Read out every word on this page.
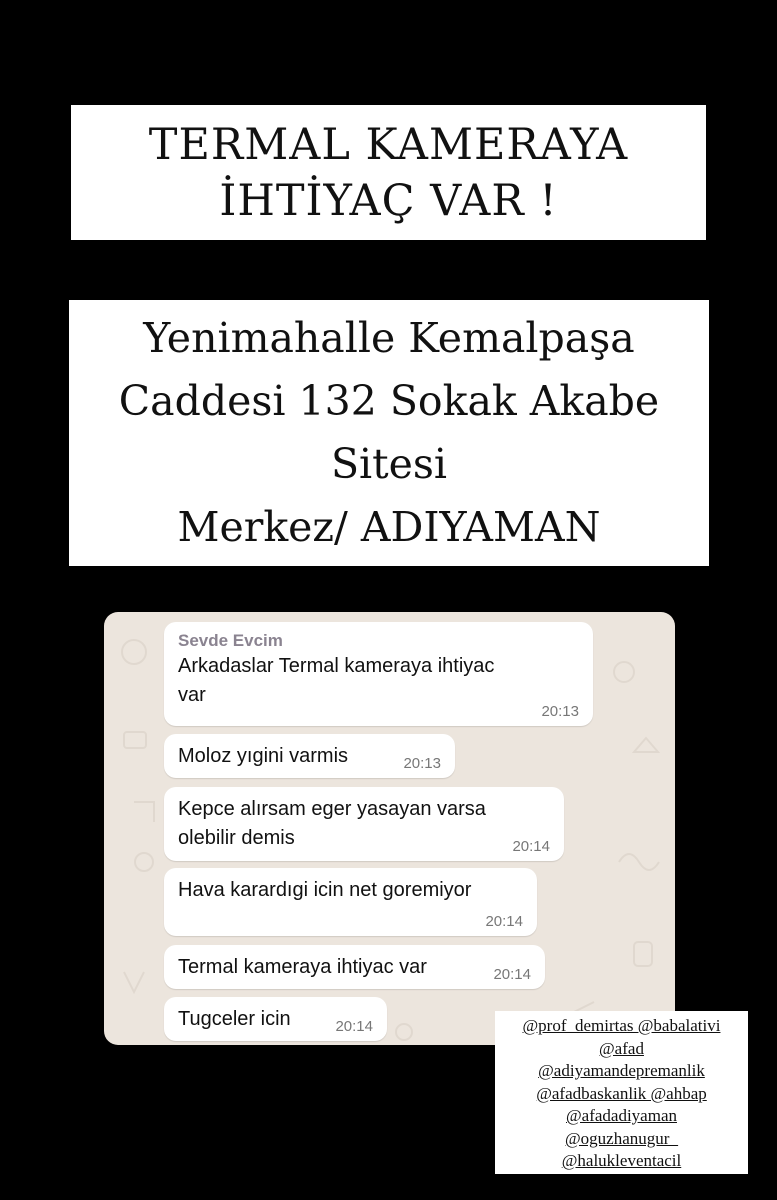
TERMAL KAMERAYA
İHTİYAÇ VAR !
Yenimahalle Kemalpaşa
Caddesi 132 Sokak Akabe
Sitesi
Merkez/ ADIYAMAN
Sevde Evcim
Arkadaslar Termal kameraya ihtiyac var
20:13
Moloz yıgini varmis	20:13
Kepce alırsam eger yasayan varsa olebilir demis	20:14
Hava karardıgi icin net goremiyor
20:14
Termal kameraya ihtiyac var	20:14
Tugceler icin	20:14	@prof_demirtas @babalativi
@afad
@adiyamandepremanlik
@afadbaskanlik @ahbap
@afadadiyaman
@oguzhanugur_
@halukleventacil
